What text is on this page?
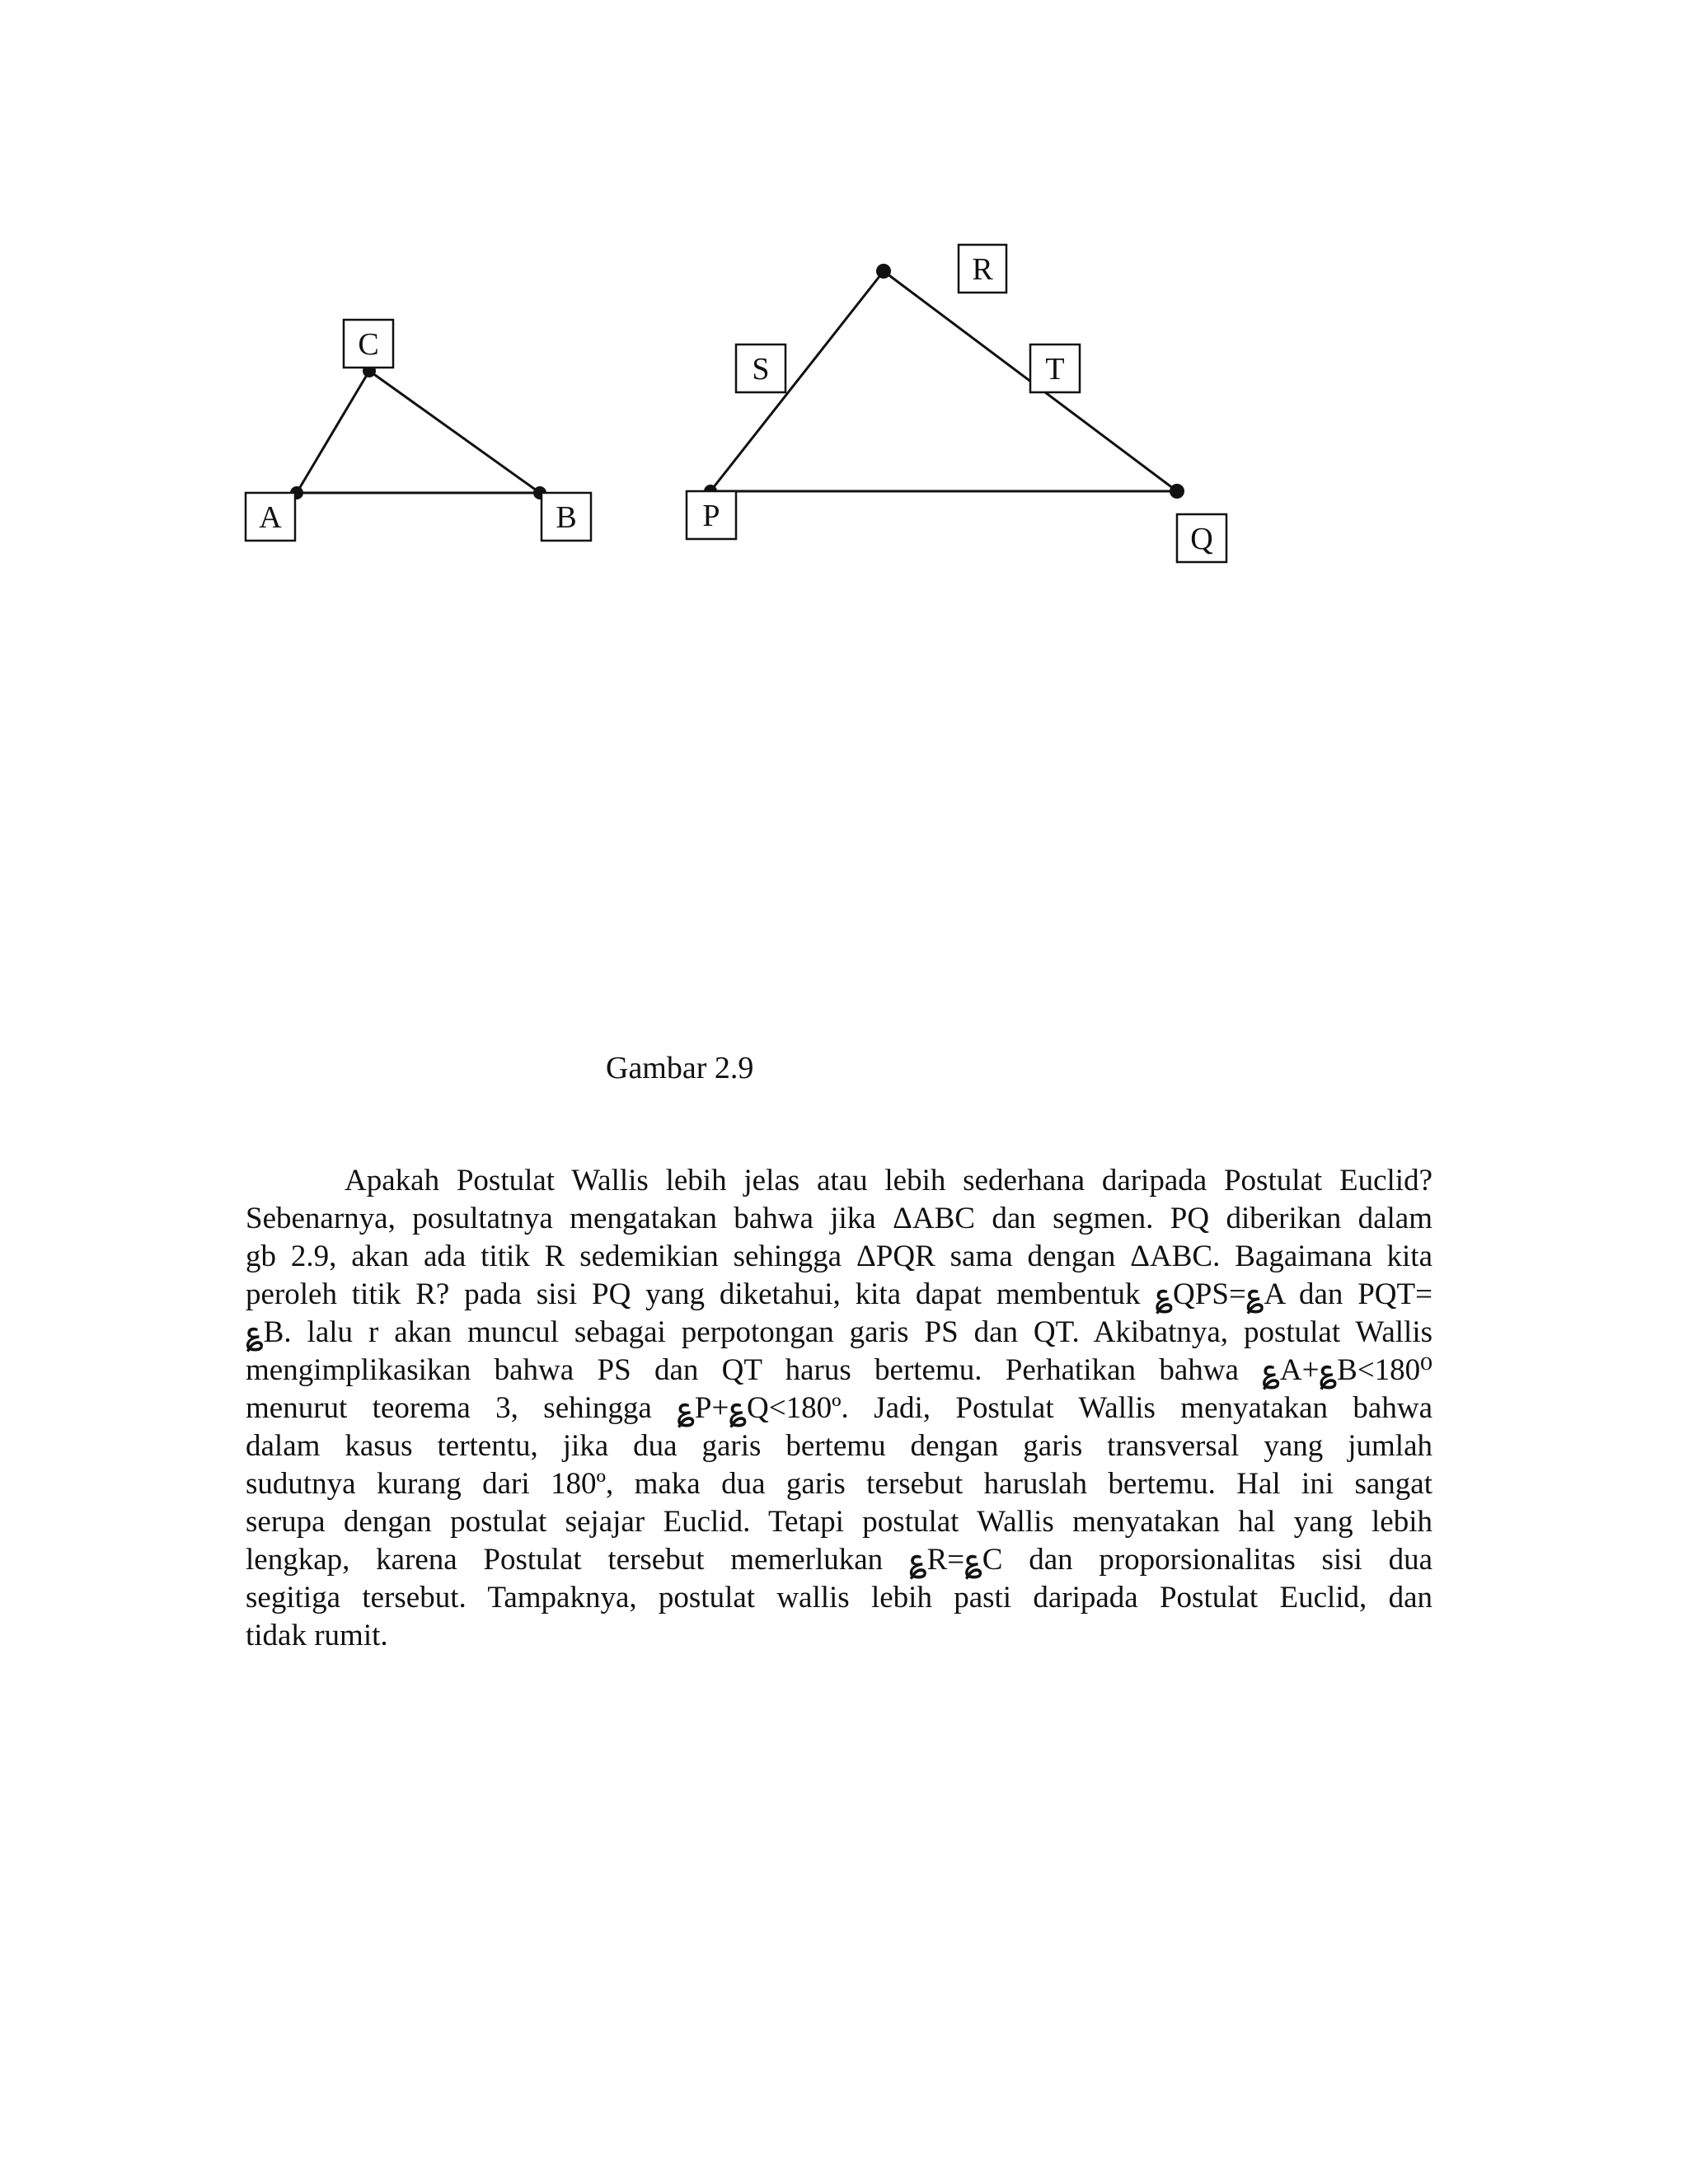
A	B
C
P
Q
R
S	T
Gambar 2.9
Apakah Postulat Wallis lebih jelas atau lebih sederhana daripada Postulat Euclid?
Sebenarnya, posultatnya mengatakan bahwa jika ΔABC dan segmen. PQ diberikan dalam
gb 2.9, akan ada titik R sedemikian sehingga ΔPQR sama dengan ΔABC. Bagaimana kita
peroleh titik R? pada sisi PQ yang diketahui, kita dapat membentuk ؏QPS=؏A dan PQT=
؏B. lalu r akan muncul sebagai perpotongan garis PS dan QT. Akibatnya, postulat Wallis
mengimplikasikan bahwa PS dan QT harus bertemu. Perhatikan bahwa ؏A+؏B<180⁰
menurut teorema 3, sehingga ؏P+؏Q<180º. Jadi, Postulat Wallis menyatakan bahwa
dalam kasus tertentu, jika dua garis bertemu dengan garis transversal yang jumlah
sudutnya kurang dari 180º, maka dua garis tersebut haruslah bertemu. Hal ini sangat
serupa dengan postulat sejajar Euclid. Tetapi postulat Wallis menyatakan hal yang lebih
lengkap, karena Postulat tersebut memerlukan ؏R=؏C dan proporsionalitas sisi dua
segitiga tersebut. Tampaknya, postulat wallis lebih pasti daripada Postulat Euclid, dan
tidak rumit.
